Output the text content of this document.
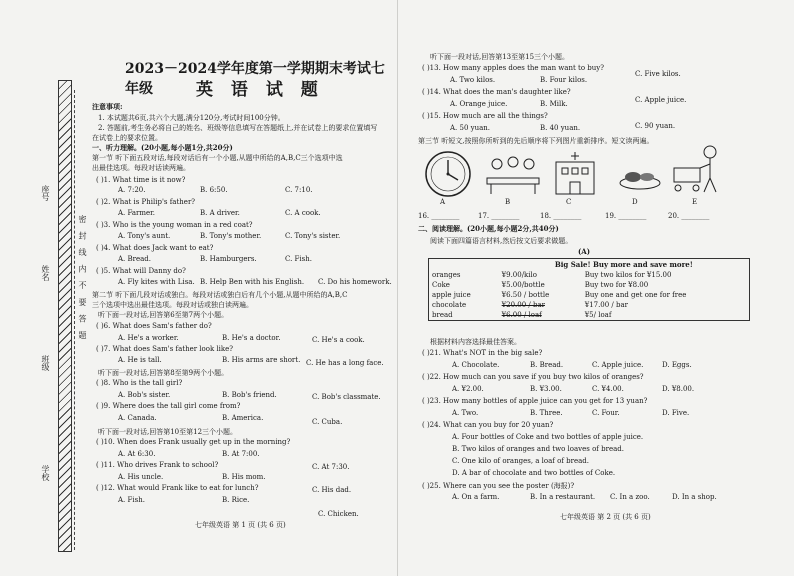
座号
姓名
班级
学校
密 封 线 内 不 要 答 题
2023－2024学年度第一学期期末考试七年级	英 语 试 题
注意事项:
1. 本试题共6页,共六个大题,满分120分,考试时间100分钟。
2. 答题前,考生务必将自己的姓名、班级等信息填写在答题纸上,并在试卷上的要求位置填写
在试卷上的要求位置。
一、听力理解。(20小题,每小题1分,共20分)
第一节 听下面五段对话,每段对话后有一个小题,从题中所给的A,B,C三个选项中选
出最佳选项。每段对话读两遍。
( )1. What time is it now?
A. 7:20.	B. 6:50.	C. 7:10.
( )2. What is Philip's father?
A. Farmer.	B. A driver.	C. A cook.
( )3. Who is the young woman in a red coat?
A. Tony's aunt.	B. Tony's mother.	C. Tony's sister.
( )4. What does Jack want to eat?
A. Bread.	B. Hamburgers.	C. Fish.
( )5. What will Danny do?
A. Fly kites with Lisa. B. Help Ben with his English. C. Do his homework.
第二节 听下面几段对话或独白。每段对话或独白后有几个小题,从题中所给的A,B,C
三个选项中选出最佳选项。每段对话或独白读两遍。
听下面一段对话,回答第6至第7两个小题。
( )6. What does Sam's father do?
A. He's a worker.	B. He's a doctor.	C. He's a cook.
( )7. What does Sam's father look like?
A. He is tall.	B. His arms are short. C. He has a long face.
听下面一段对话,回答第8至第9两个小题。
( )8. Who is the tall girl?
A. Bob's sister.	B. Bob's friend.	C. Bob's classmate.
( )9. Where does the tall girl come from?
A. Canada.	B. America.	C. Cuba.
听下面一段对话,回答第10至第12三个小题。
( )10. When does Frank usually get up in the morning?
A. At 6:30.	B. At 7:00.
( )11. Who drives Frank to school?
A. His uncle.	B. His mom.
C. At 7:30.
( )12. What would Frank like to eat for lunch?
A. Fish.	B. Rice.
C. His dad.
C. Chicken.
七年级英语 第 1 页 (共 6 页)
听下面一段对话,回答第13至第15三个小题。
( )13. How many apples does the man want to buy?
A. Two kilos.	B. Four kilos.
C. Five kilos.
( )14. What does the man's daughter like?
A. Orange juice.	B. Milk.	C. Apple juice.
( )15. How much are all the things?
A. 50 yuan.	B. 40 yuan.	C. 90 yuan.
第三节 听短文,按照你所听到的先后顺序将下列图片重新排序。短文读两遍。
A	B	C	D	E
16. ________	17. ________	18. ________	19. ________	20. ________
二、阅读理解。(20小题,每小题2分,共40分)
阅读下面四篇语言材料,然后按文后要求做题。
(A)
	Big Sale! Buy more and save more!	
oranges	¥9.00/kilo	Buy two kilos for ¥15.00
Coke	¥5.00/bottle	Buy two for ¥8.00
apple juice	¥6.50 / bottle	Buy one and get one for free
chocolate	¥20.00 / bar	¥17.00 / bar
bread	¥6.00 / loaf	¥5/ loaf
根据材料内容选择最佳答案。
( )21. What's NOT in the big sale?
A. Chocolate.	B. Bread.	C. Apple juice.	D. Eggs.
( )22. How much can you save if you buy two kilos of oranges?
A. ¥2.00.	B. ¥3.00.	C. ¥4.00.	D. ¥8.00.
( )23. How many bottles of apple juice can you get for 13 yuan?
A. Two.	B. Three.	C. Four.	D. Five.
( )24. What can you buy for 20 yuan?
A. Four bottles of Coke and two bottles of apple juice.
B. Two kilos of oranges and two loaves of bread.
C. One kilo of oranges, a loaf of bread.
D. A bar of chocolate and two bottles of Coke.
( )25. Where can you see the poster (海报)?
A. On a farm.	B. In a restaurant. C. In a zoo.	D. In a shop.
七年级英语 第 2 页 (共 6 页)
